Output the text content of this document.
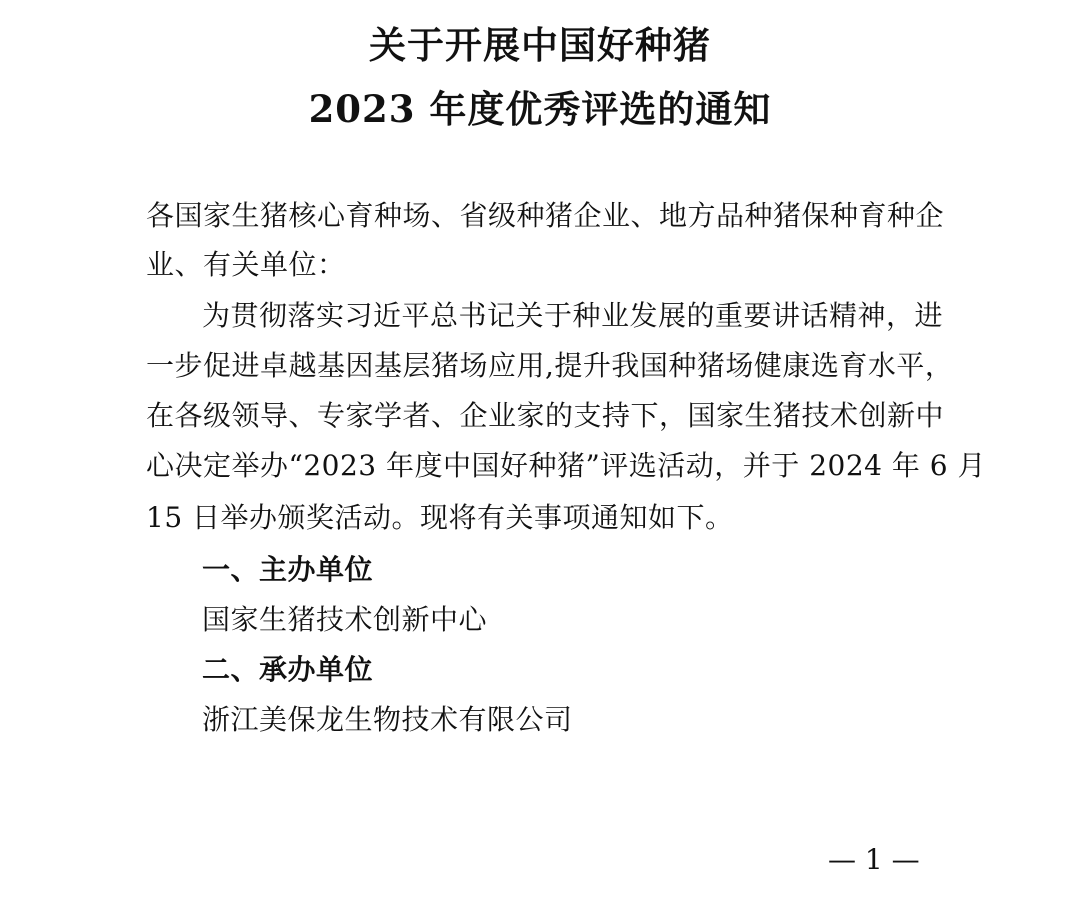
关于开展中国好种猪
2023 年度优秀评选的通知
各国家生猪核心育种场、省级种猪企业、地方品种猪保种育种企
业、有关单位：
为贯彻落实习近平总书记关于种业发展的重要讲话精神，进
一步促进卓越基因基层猪场应用,提升我国种猪场健康选育水平，
在各级领导、专家学者、企业家的支持下，国家生猪技术创新中
心决定举办“2023 年度中国好种猪”评选活动，并于 2024 年 6 月
15 日举办颁奖活动。现将有关事项通知如下。
一、主办单位
国家生猪技术创新中心
二、承办单位
浙江美保龙生物技术有限公司
— 1 —
